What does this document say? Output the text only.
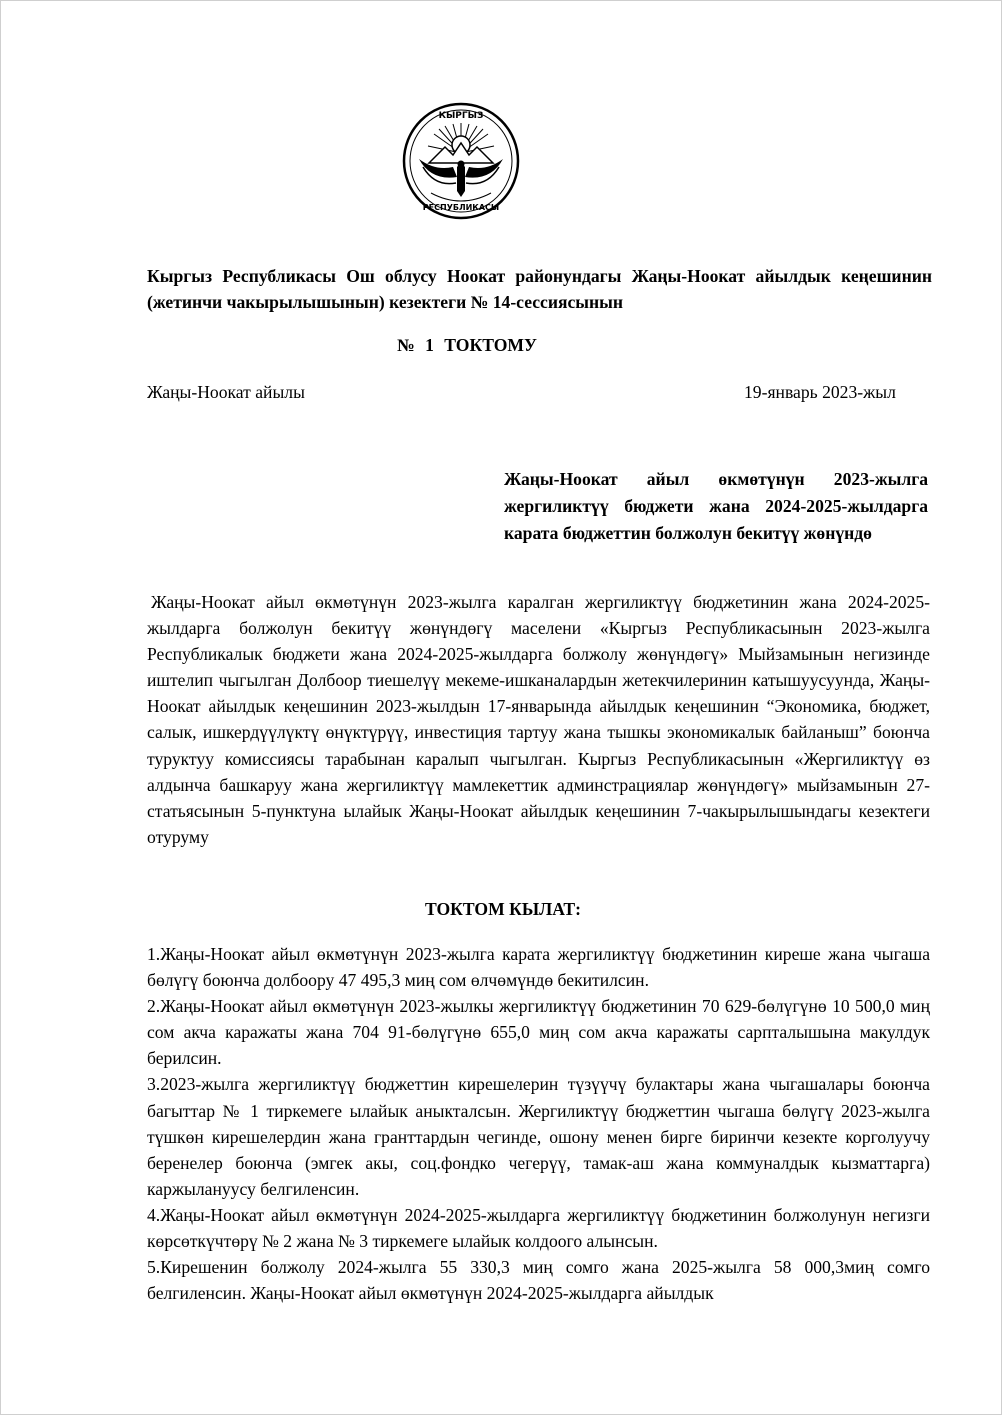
КЫРГЫЗ
РЕСПУБЛИКАСЫ
Кыргыз Республикасы Ош облусу Ноокат районундагы Жаңы-Ноокат айылдык кеңешинин (жетинчи чакырылышынын) кезектеги № 14-сессиясынын
№ 1 ТОКТОМУ
Жаңы-Ноокат айылы	19-январь 2023-жыл
Жаңы-Ноокат айыл өкмөтүнүн 2023-жылга жергиликтүү бюджети жана 2024-2025-жылдарга карата бюджеттин болжолун бекитүү жөнүндө
Жаңы-Ноокат айыл өкмөтүнүн 2023-жылга каралган жергиликтүү бюджетинин жана 2024-2025-жылдарга болжолун бекитүү жөнүндөгү маселени «Кыргыз Республикасынын 2023-жылга Республикалык бюджети жана 2024-2025-жылдарга болжолу жөнүндөгү» Мыйзамынын негизинде иштелип чыгылган Долбоор тиешелүү мекеме-ишканалардын жетекчилеринин катышуусуунда, Жаңы-Ноокат айылдык кеңешинин 2023-жылдын 17-январында айылдык кеңешинин “Экономика, бюджет, салык, ишкердүүлүктү өнүктүрүү, инвестиция тартуу жана тышкы экономикалык байланыш” боюнча туруктуу комиссиясы тарабынан каралып чыгылган. Кыргыз Республикасынын «Жергиликтүү өз алдынча башкаруу жана жергиликтүү мамлекеттик админстрациялар жөнүндөгү» мыйзамынын 27-статьясынын 5-пунктуна ылайык Жаңы-Ноокат айылдык кеңешинин 7-чакырылышындагы кезектеги отуруму
ТОКТОМ КЫЛАТ:

1.Жаңы-Ноокат айыл өкмөтүнүн 2023-жылга карата жергиликтүү бюджетинин киреше жана чыгаша бөлүгү боюнча долбоору 47 495,3 миң сом өлчөмүндө бекитилсин.

2.Жаңы-Ноокат айыл өкмөтүнүн 2023-жылкы жергиликтүү бюджетинин 70 629-бөлүгүнө 10 500,0 миң сом акча каражаты жана 704 91-бөлүгүнө 655,0 миң сом акча каражаты сарпталышына макулдук берилсин.

3.2023-жылга жергиликтүү бюджеттин кирешелерин түзүүчү булактары жана чыгашалары боюнча багыттар № 1 тиркемеге ылайык аныкталсын. Жергиликтүү бюджеттин чыгаша бөлүгү 2023-жылга түшкөн кирешелердин жана гранттардын чегинде, ошону менен бирге биринчи кезекте корголуучу беренелер боюнча (эмгек акы, соц.фондко чегерүү, тамак-аш жана коммуналдык кызматтарга) каржылануусу белгиленсин.

4.Жаңы-Ноокат айыл өкмөтүнүн 2024-2025-жылдарга жергиликтүү бюджетинин болжолунун негизги көрсөткүчтөрү № 2 жана № 3 тиркемеге ылайык колдоого алынсын.

5.Кирешенин болжолу 2024-жылга 55 330,3 миң сомго жана 2025-жылга 58 000,3миң сомго белгиленсин. Жаңы-Ноокат айыл өкмөтүнүн 2024-2025-жылдарга айылдык
